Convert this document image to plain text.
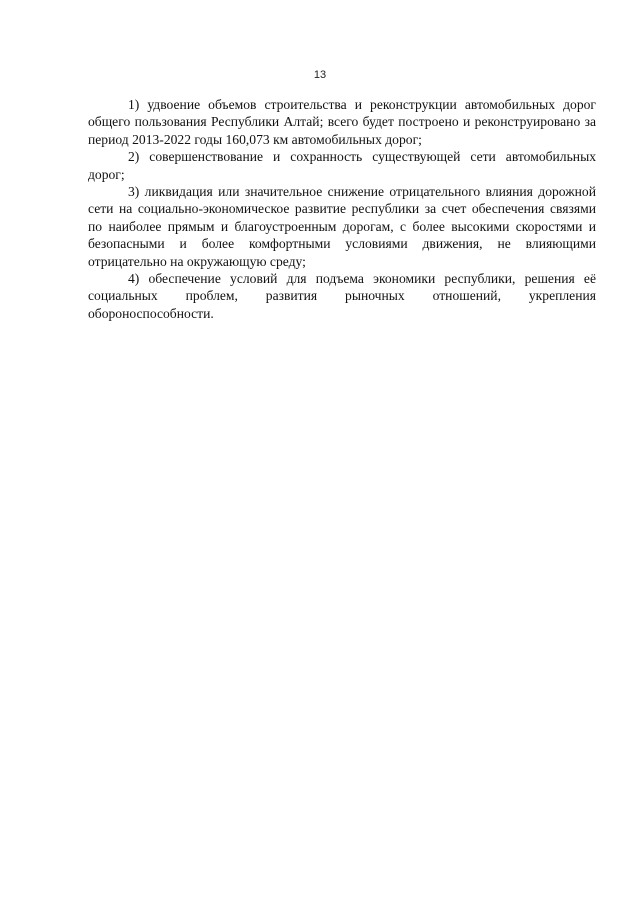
13

1) удвоение объемов строительства и реконструкции автомобильных дорог общего пользования Республики Алтай; всего будет построено и реконструировано за период 2013-2022 годы 160,073 км автомобильных дорог;

2) совершенствование и сохранность существующей сети автомобильных дорог;

3) ликвидация или значительное снижение отрицательного влияния дорожной сети на социально-экономическое развитие республики за счет обеспечения связями по наиболее прямым и благоустроенным дорогам, с более высокими скоростями и безопасными и более комфортными условиями движения, не влияющими отрицательно на окружающую среду;

4) обеспечение условий для подъема экономики республики, решения её социальных проблем, развития рыночных отношений, укрепления обороноспособности.
